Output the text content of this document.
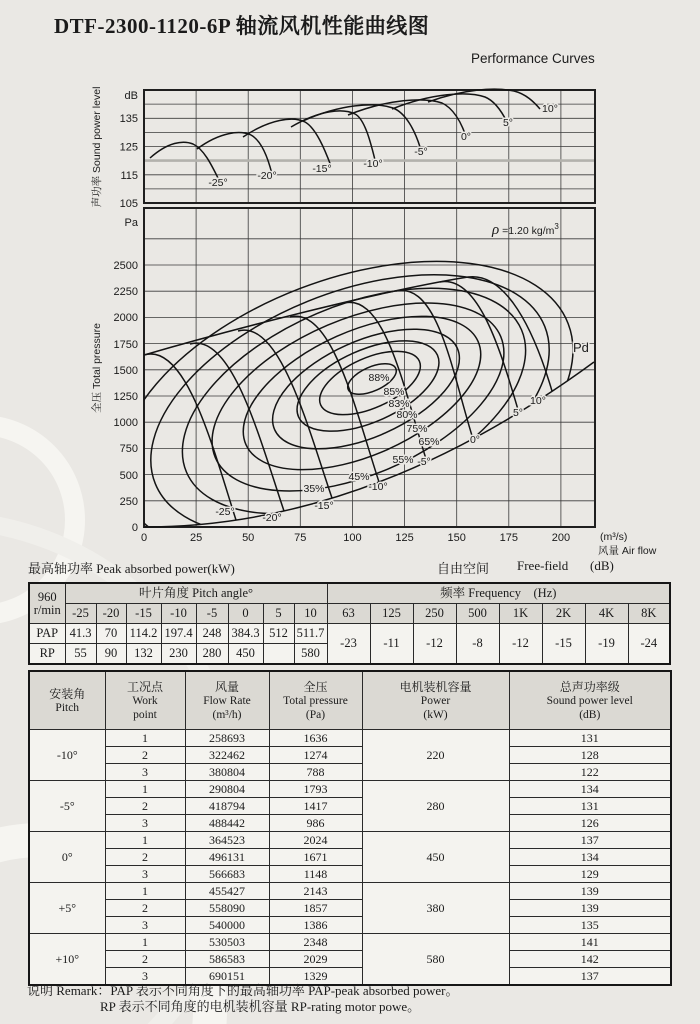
DTF-2300-1120-6P 轴流风机性能曲线图
Performance Curves
135
125
115
105
-25°
-20°
-15°	-10°
-5°
0°
5°
10°
声功率 Sound power level dB
2500
2250
2000
1750
1500
1250
1000
750
500
250
0
0	25	50	75	100	125	150	175	200
88%
85%
83%
80%
75%
65%
55%
45%
35%
-25°	-20°
-15°
-10°
-5°
0°
5°
10°
Pd
ρ =1.20 $kg/m^3$
全压 Total pressure
Pa
(m³/s)
风量 Air flow
最高轴功率 Peak absorbed power(kW)	自由空间 Free-field (dB)
960
r/min	叶片角度 Pitch angle°								频率 Frequency　(Hz)							
	-25	-20	-15	-10	-5	0	5	10	63	125	250	500	1K	2K	4K	8K
PAP	41.3	70	114.2	197.4	248	384.3	512	511.7	-23	-11	-12	-8	-12	-15	-19	-24
RP	55	90	132	230	280	450		580								
安装角
Pitch	工况点
Work
point	风量
Flow Rate
(m³/h)	全压
Total pressure
(Pa)	电机装机容量
Power
(kW)	总声功率级
Sound power level
(dB)

-10°	1	258693	1636	220	131
	2	322462	1274		128
	3	380804	788		122
-5°	1	290804	1793	280	134
	2	418794	1417		131
	3	488442	986		126
0°	1	364523	2024	450	137
	2	496131	1671		134
	3	566683	1148		129
+5°	1	455427	2143	380	139
	2	558090	1857		139
	3	540000	1386		135
+10°	1	530503	2348	580	141
	2	586583	2029		142
	3	690151	1329		137
说明 Remark：PAP 表示不同角度下的最高轴功率 PAP-peak absorbed power。
RP 表示不同角度的电机装机容量 RP-rating motor powe。
